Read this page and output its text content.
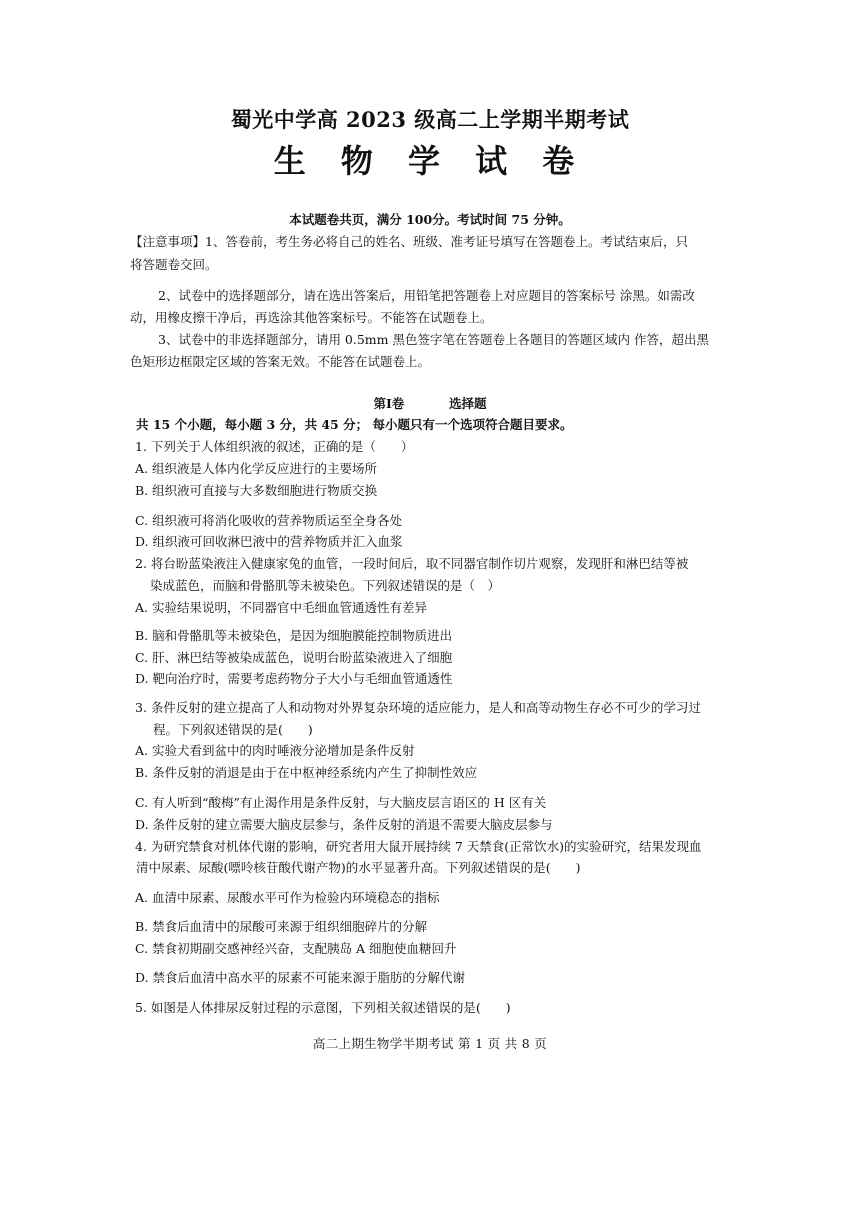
蜀光中学高 2023 级高二上学期半期考试
生 物 学 试 卷
本试题卷共页，满分 100分。考试时间 75 分钟。
【注意事项】1、答卷前，考生务必将自己的姓名、班级、准考证号填写在答题卷上。考试结束后，只
将答题卷交回。
2、试卷中的选择题部分，请在选出答案后，用铅笔把答题卷上对应题目的答案标号 涂黑。如需改
动，用橡皮擦干净后，再选涂其他答案标号。不能答在试题卷上。
3、试卷中的非选择题部分，请用 0.5mm 黑色签字笔在答题卷上各题目的答题区域内 作答，超出黑
色矩形边框限定区域的答案无效。不能答在试题卷上。
第Ⅰ卷	选择题
共 15 个小题，每小题 3 分，共 45 分； 每小题只有一个选项符合题目要求。
1. 下列关于人体组织液的叙述，正确的是（　　）
A. 组织液是人体内化学反应进行的主要场所
B. 组织液可直接与大多数细胞进行物质交换
C. 组织液可将消化吸收的营养物质运至全身各处
D. 组织液可回收淋巴液中的营养物质并汇入血浆
2. 将台盼蓝染液注入健康家兔的血管，一段时间后，取不同器官制作切片观察，发现肝和淋巴结等被
染成蓝色，而脑和骨骼肌等未被染色。下列叙述错误的是（　）
A. 实验结果说明，不同器官中毛细血管通透性有差异
B. 脑和骨骼肌等未被染色，是因为细胞膜能控制物质进出
C. 肝、淋巴结等被染成蓝色，说明台盼蓝染液进入了细胞
D. 靶向治疗时，需要考虑药物分子大小与毛细血管通透性
3. 条件反射的建立提高了人和动物对外界复杂环境的适应能力，是人和高等动物生存必不可少的学习过
程。下列叙述错误的是(　　)
A. 实验犬看到盆中的肉时唾液分泌增加是条件反射
B. 条件反射的消退是由于在中枢神经系统内产生了抑制性效应
C. 有人听到“酸梅”有止渴作用是条件反射，与大脑皮层言语区的 H 区有关
D. 条件反射的建立需要大脑皮层参与，条件反射的消退不需要大脑皮层参与
4. 为研究禁食对机体代谢的影响，研究者用大鼠开展持续 7 天禁食(正常饮水)的实验研究，结果发现血
清中尿素、尿酸(嘌呤核苷酸代谢产物)的水平显著升高。下列叙述错误的是(　　)
A. 血清中尿素、尿酸水平可作为检验内环境稳态的指标
B. 禁食后血清中的尿酸可来源于组织细胞碎片的分解
C. 禁食初期副交感神经兴奋，支配胰岛 A 细胞使血糖回升
D. 禁食后血清中高水平的尿素不可能来源于脂肪的分解代谢
5. 如图是人体排尿反射过程的示意图，下列相关叙述错误的是(　　)
高二上期生物学半期考试 第 1 页 共 8 页
